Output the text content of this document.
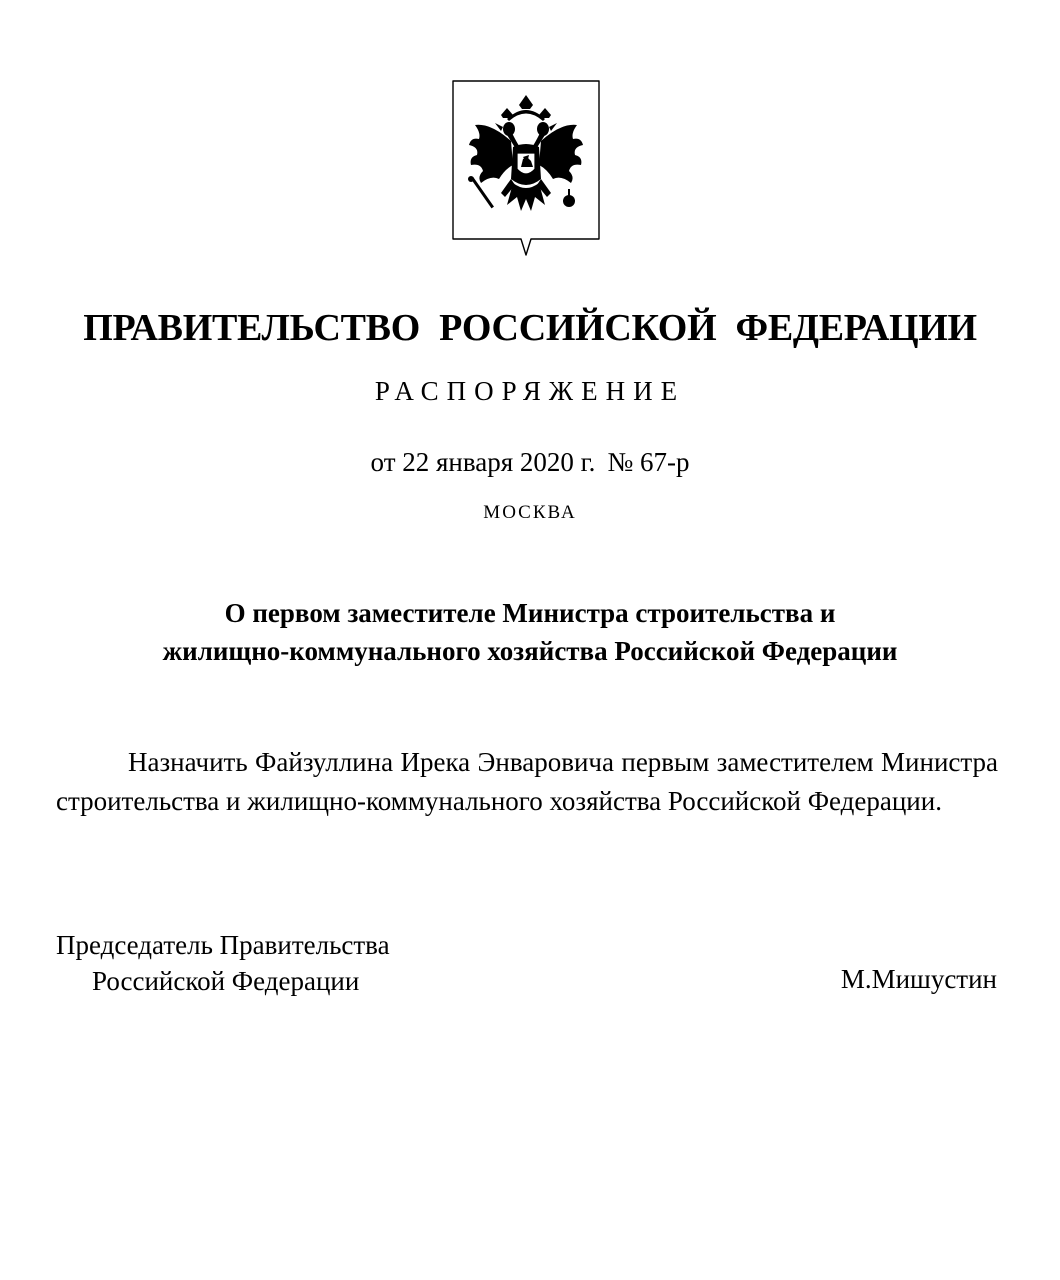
ПРАВИТЕЛЬСТВО РОССИЙСКОЙ ФЕДЕРАЦИИ
РАСПОРЯЖЕНИЕ
от 22 января 2020 г. № 67-р
МОСКВА
О первом заместителе Министра строительства и
жилищно-коммунального хозяйства Российской Федерации
Назначить Файзуллина Ирека Энваровича первым заместителем Министра строительства и жилищно-коммунального хозяйства Российской Федерации.
Председатель Правительства
Российской Федерации	М.Мишустин
